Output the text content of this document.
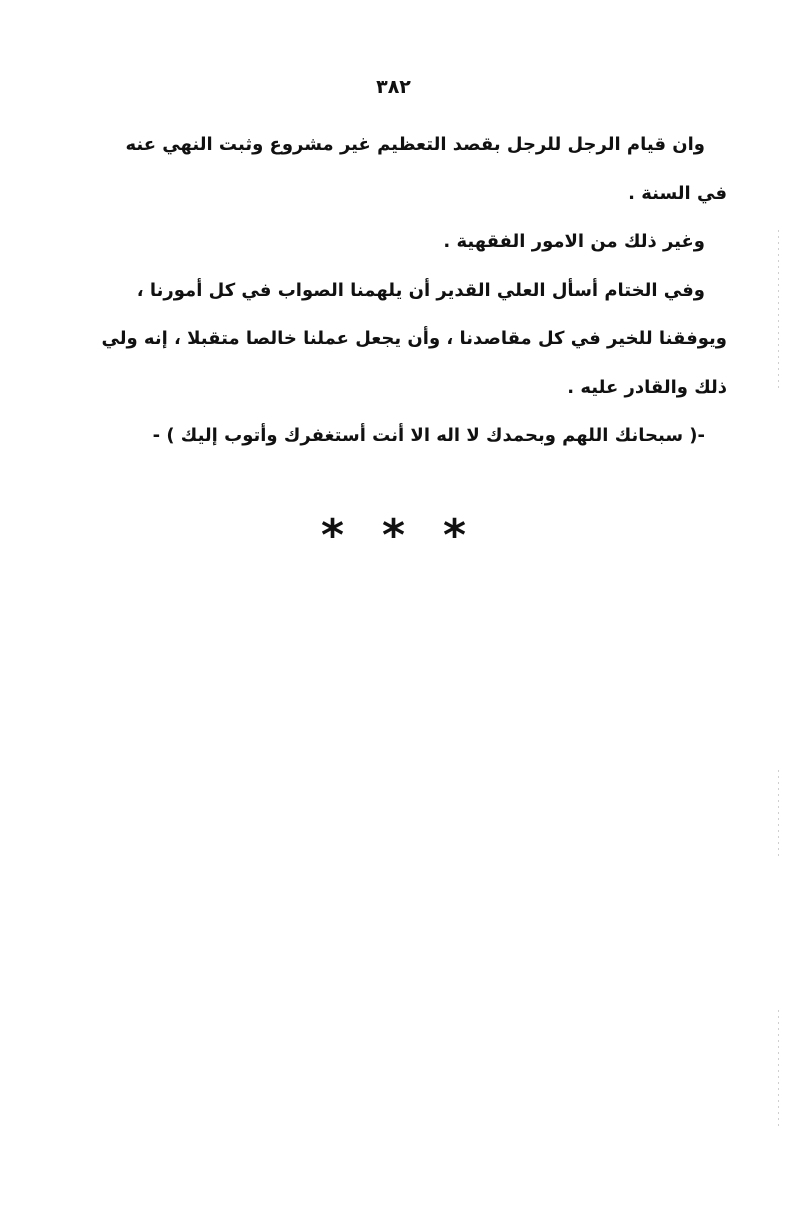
٣٨٢
وان قيام الرجل للرجل بقصد التعظيم غير مشروع وثبت النهي عنه
في السنة .
وغير ذلك من الامور الفقهية .
وفي الختام أسأل العلي القدير أن يلهمنا الصواب في كل أمورنا ،
ويوفقنا للخير في كل مقاصدنا ، وأن يجعل عملنا خالصا متقبلا ، إنه ولي
ذلك والقادر عليه .
-( سبحانك اللهم وبحمدك لا اله الا أنت أستغفرك وأتوب إليك ) -
***
